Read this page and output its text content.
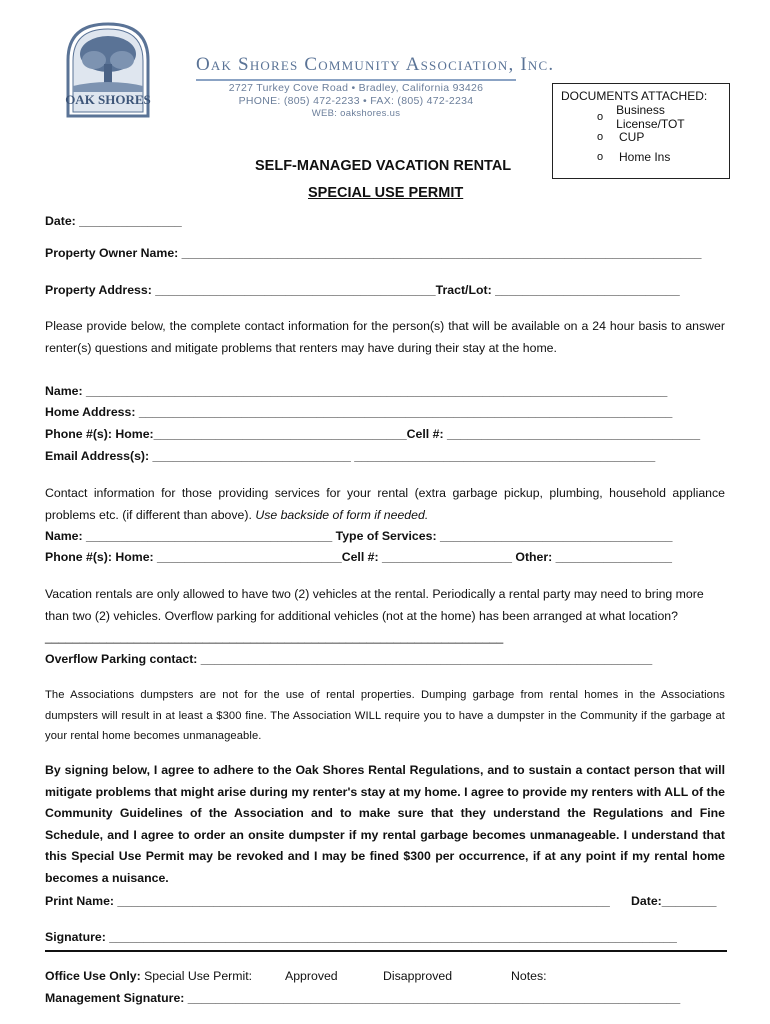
OAK SHORES
Oak Shores Community Association, Inc.
2727 Turkey Cove Road • Bradley, California 93426
PHONE: (805) 472-2233 • FAX: (805) 472-2234
WEB: oakshores.us
DOCUMENTS ATTACHED:
o	Business License/TOT
o	CUP
o	Home Ins
SELF-MANAGED VACATION RENTAL
SPECIAL USE PERMIT
Date: _______________
Property Owner Name: ____________________________________________________________________________
Property Address: _________________________________________Tract/Lot: ___________________________
Please provide below, the complete contact information for the person(s) that will be available on a 24 hour basis to answer renter(s) questions and mitigate problems that renters may have during their stay at the home.
Name: _____________________________________________________________________________________
Home Address: ______________________________________________________________________________
Phone #(s): Home:_____________________________________Cell #: _____________________________________
Email Address(s): _____________________________ ____________________________________________
Contact information for those providing services for your rental (extra garbage pickup, plumbing, household appliance problems etc. (if different than above). Use backside of form if needed.
Name: ____________________________________ Type of Services: __________________________________
Phone #(s): Home: ___________________________Cell #: ___________________ Other: _________________
Vacation rentals are only allowed to have two (2) vehicles at the rental. Periodically a rental party may need to bring more than two (2) vehicles. Overflow parking for additional vehicles (not at the home) has been arranged at what location? ___________________________________________________________________
Overflow Parking contact: __________________________________________________________________
The Associations dumpsters are not for the use of rental properties. Dumping garbage from rental homes in the Associations dumpsters will result in at least a $300 fine. The Association WILL require you to have a dumpster in the Community if the garbage at your rental home becomes unmanageable.
By signing below, I agree to adhere to the Oak Shores Rental Regulations, and to sustain a contact person that will mitigate problems that might arise during my renter's stay at my home. I agree to provide my renters with ALL of the Community Guidelines of the Association and to make sure that they understand the Regulations and Fine Schedule, and I agree to order an onsite dumpster if my rental garbage becomes unmanageable. I understand that this Special Use Permit may be revoked and I may be fined $300 per occurrence, if at any point if my rental home becomes a nuisance.
Print Name: ________________________________________________________________________ Date:________
Signature: ___________________________________________________________________________________
Office Use Only: Special Use Permit:	Approved	Disapproved	Notes:
Management Signature: ________________________________________________________________________
